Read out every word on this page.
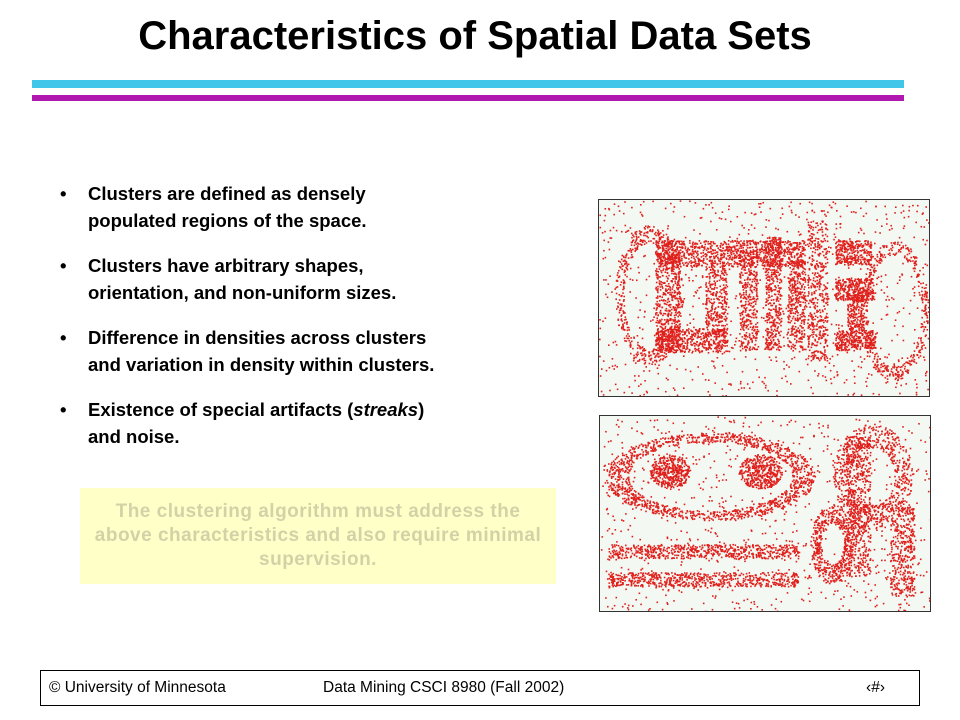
Characteristics of Spatial Data Sets
• Clusters are defined as densely
populated regions of the space.
• Clusters have arbitrary shapes,
orientation, and non-uniform sizes.
• Difference in densities across clusters
and variation in density within clusters.
• Existence of special artifacts (streaks)
and noise.
The clustering algorithm must address the above characteristics and also require minimal supervision.
© University of Minnesota	Data Mining CSCI 8980 (Fall 2002)	‹#›
